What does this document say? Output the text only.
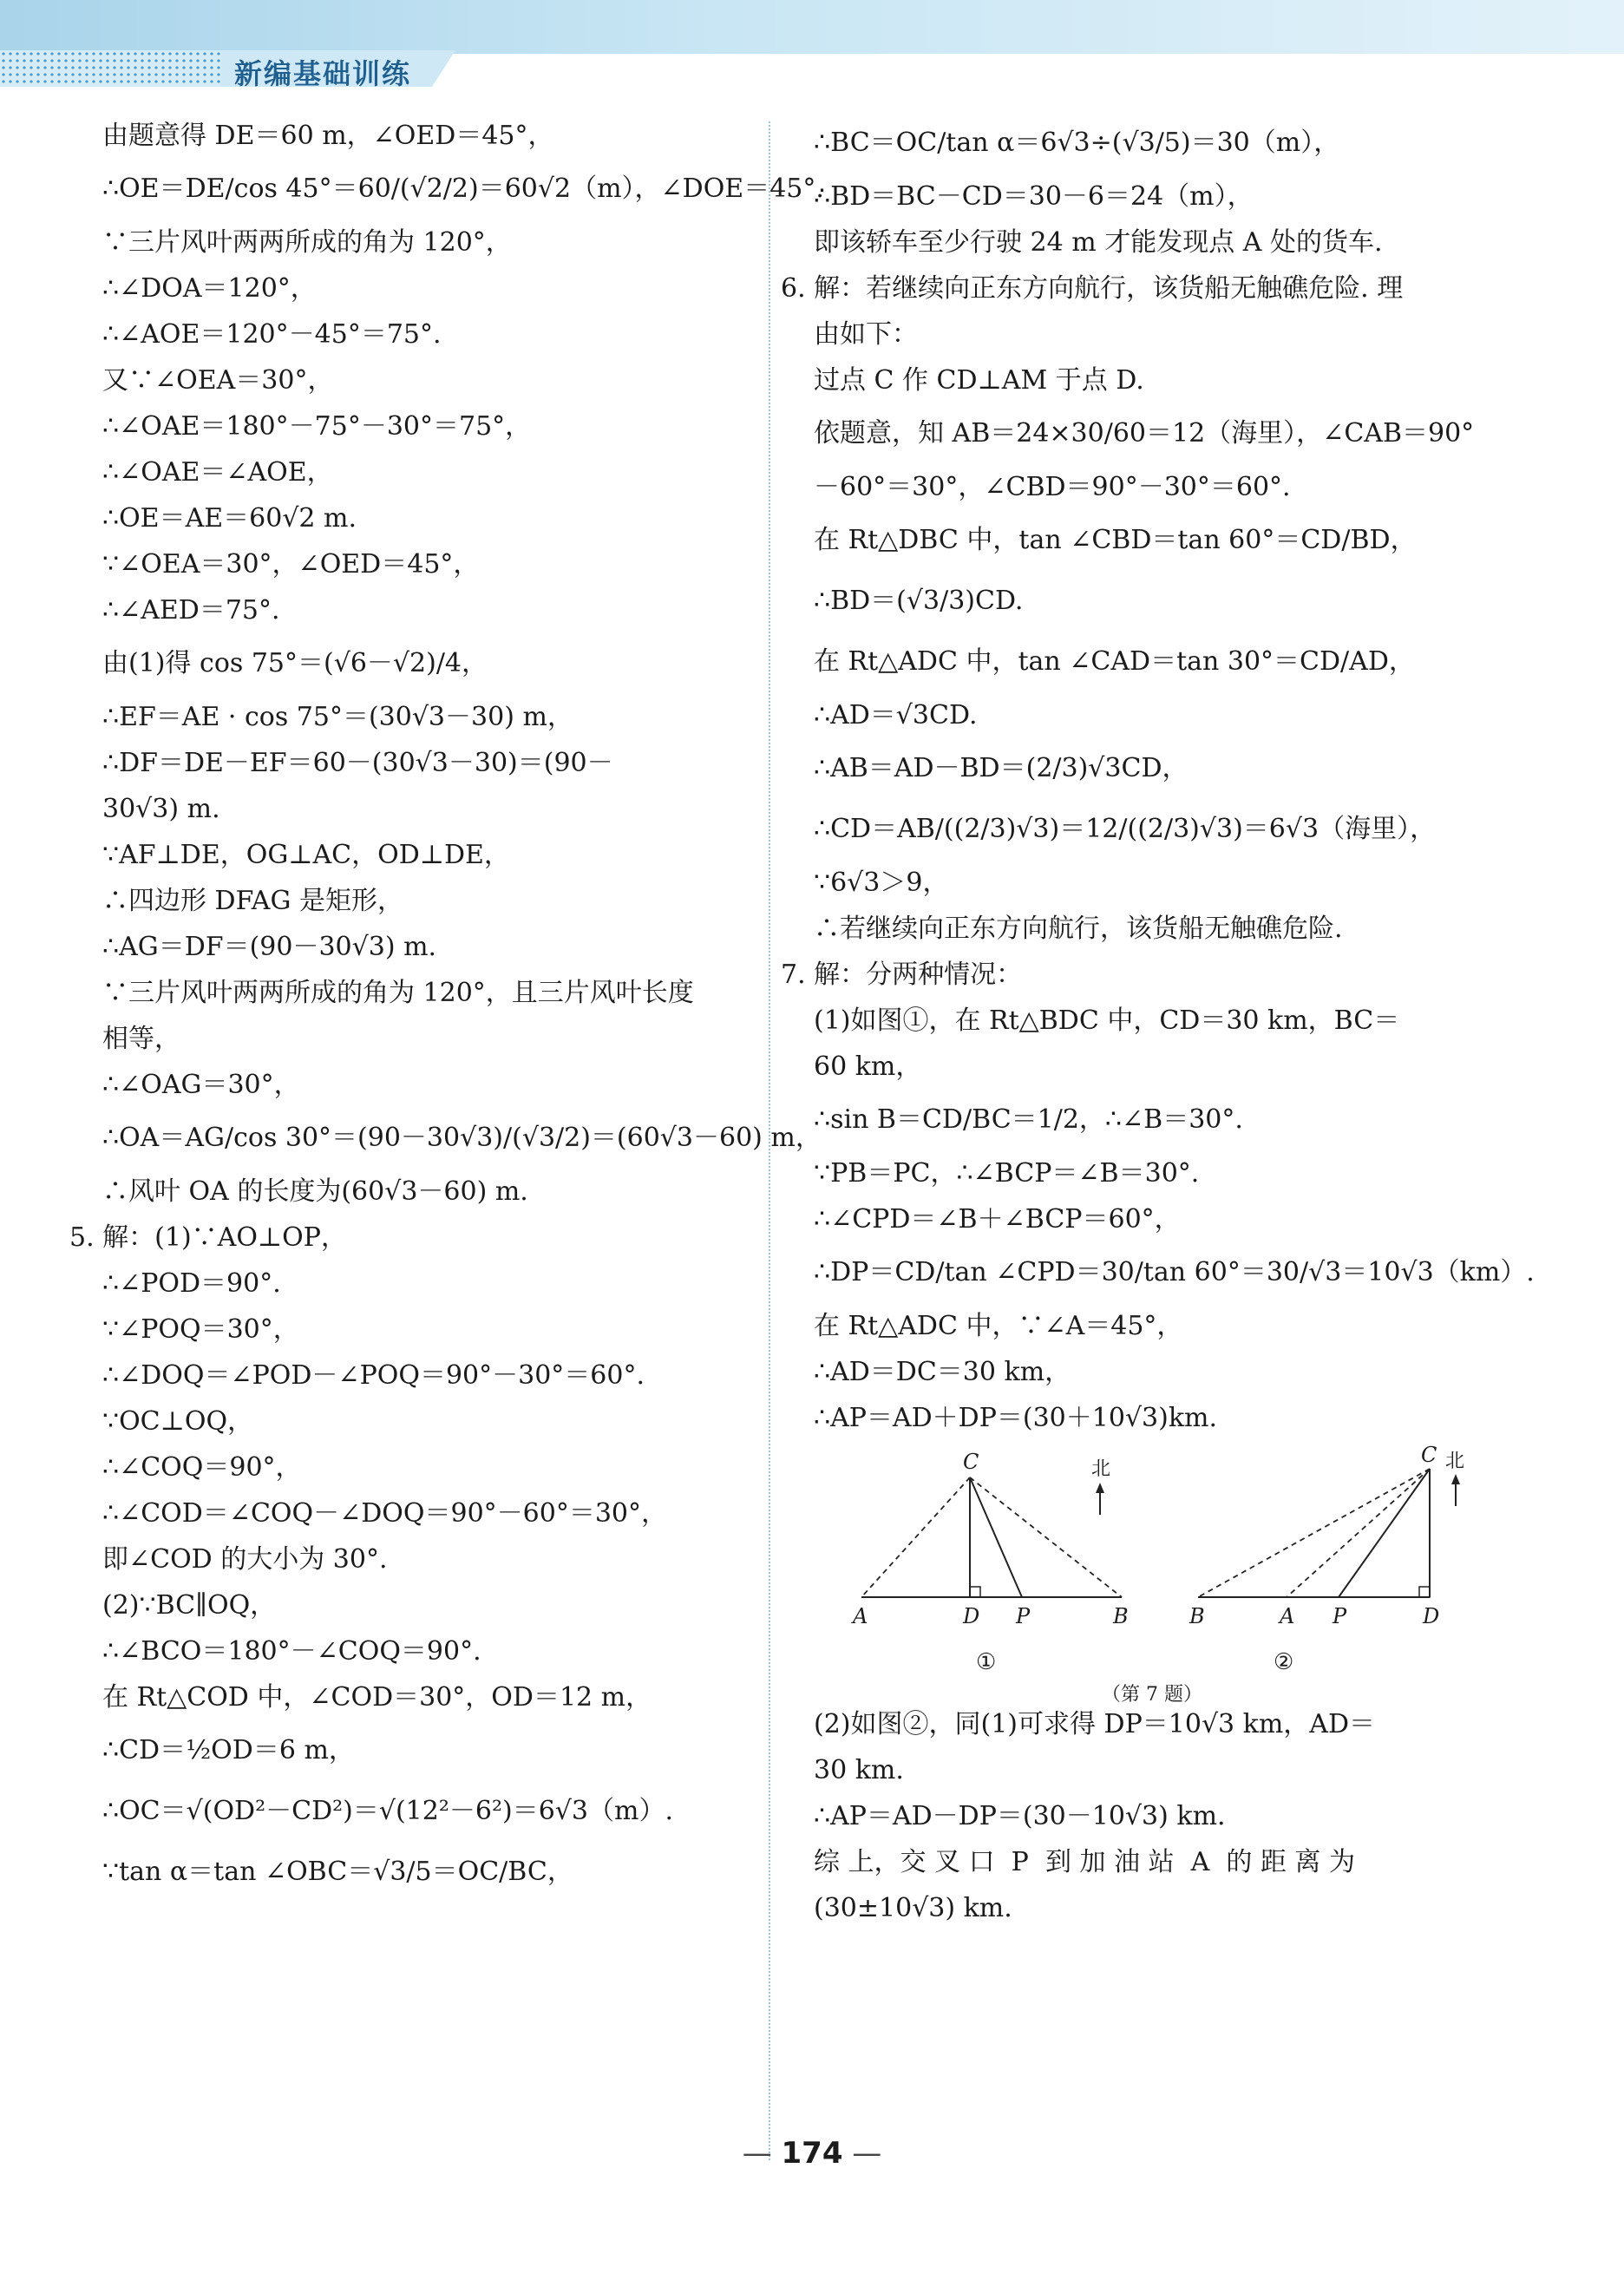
新编基础训练
由题意得 DE＝60 m，∠OED＝45°，
∴OE＝DE/cos 45°＝60/(√2/2)＝60√2（m），∠DOE＝45°.
∵三片风叶两两所成的角为 120°，
∴∠DOA＝120°，
∴∠AOE＝120°－45°＝75°.
又∵∠OEA＝30°，
∴∠OAE＝180°－75°－30°＝75°，
∴∠OAE＝∠AOE，
∴OE＝AE＝60√2 m.
∵∠OEA＝30°，∠OED＝45°，
∴∠AED＝75°.
由(1)得 cos 75°＝(√6－√2)/4，
∴EF＝AE · cos 75°＝(30√3－30) m，
∴DF＝DE－EF＝60－(30√3－30)＝(90－
30√3) m.
∵AF⊥DE，OG⊥AC，OD⊥DE，
∴四边形 DFAG 是矩形，
∴AG＝DF＝(90－30√3) m.
∵三片风叶两两所成的角为 120°，且三片风叶长度
相等，
∴∠OAG＝30°，
∴OA＝AG/cos 30°＝(90－30√3)/(√3/2)＝(60√3－60) m，
∴风叶 OA 的长度为(60√3－60) m.
5. 解：(1)∵AO⊥OP，
∴∠POD＝90°.
∵∠POQ＝30°，
∴∠DOQ＝∠POD－∠POQ＝90°－30°＝60°.
∵OC⊥OQ，
∴∠COQ＝90°，
∴∠COD＝∠COQ－∠DOQ＝90°－60°＝30°，
即∠COD 的大小为 30°.
(2)∵BC∥OQ，
∴∠BCO＝180°－∠COQ＝90°.
在 Rt△COD 中，∠COD＝30°，OD＝12 m，
∴CD＝½OD＝6 m，
∴OC＝√(OD²－CD²)＝√(12²－6²)＝6√3（m）.
∵tan α＝tan ∠OBC＝√3/5＝OC/BC，
∴BC＝OC/tan α＝6√3÷(√3/5)＝30（m），
∴BD＝BC－CD＝30－6＝24（m），
即该轿车至少行驶 24 m 才能发现点 A 处的货车.
6. 解：若继续向正东方向航行，该货船无触礁危险. 理
由如下：
过点 C 作 CD⊥AM 于点 D.
依题意，知 AB＝24×30/60＝12（海里），∠CAB＝90°
－60°＝30°，∠CBD＝90°－30°＝60°.
在 Rt△DBC 中，tan ∠CBD＝tan 60°＝CD/BD，
∴BD＝(√3/3)CD.
在 Rt△ADC 中，tan ∠CAD＝tan 30°＝CD/AD，
∴AD＝√3CD.
∴AB＝AD－BD＝(2/3)√3CD，
∴CD＝AB/((2/3)√3)＝12/((2/3)√3)＝6√3（海里），
∵6√3＞9，
∴若继续向正东方向航行，该货船无触礁危险.
7. 解：分两种情况：
(1)如图①，在 Rt△BDC 中，CD＝30 km，BC＝
60 km，
∴sin B＝CD/BC＝1/2，∴∠B＝30°.
∵PB＝PC，∴∠BCP＝∠B＝30°.
∴∠CPD＝∠B＋∠BCP＝60°，
∴DP＝CD/tan ∠CPD＝30/tan 60°＝30/√3＝10√3（km）.
在 Rt△ADC 中，∵∠A＝45°，
∴AD＝DC＝30 km，
∴AP＝AD＋DP＝(30＋10√3)km.
C
A	D P	B
北
①
C
B	A P	D
北
②
（第 7 题）
(2)如图②，同(1)可求得 DP＝10√3 km，AD＝
30 km.
∴AP＝AD－DP＝(30－10√3) km.
综 上，交 叉 口  P  到 加 油 站  A  的 距 离 为
(30±10√3) km.
— 174 —
